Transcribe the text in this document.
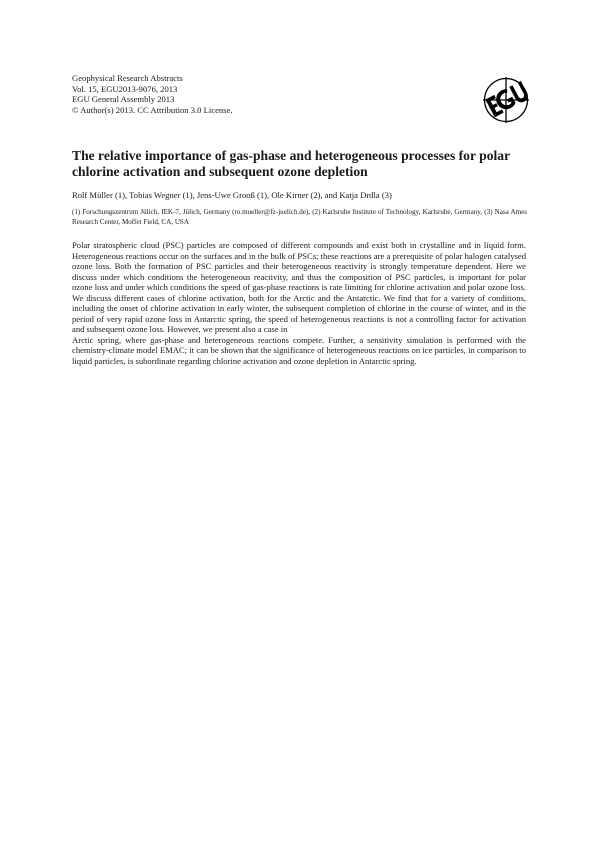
Geophysical Research Abstracts
Vol. 15, EGU2013-9076, 2013
EGU General Assembly 2013
© Author(s) 2013. CC Attribution 3.0 License.
The relative importance of gas-phase and heterogeneous processes for polar chlorine activation and subsequent ozone depletion
Rolf Müller (1), Tobias Wegner (1), Jens-Uwe Grooß (1), Ole Kirner (2), and Katja Drdla (3)
(1) Forschungszentrum Jülich, IEK-7, Jülich, Germany (ro.mueller@fz-juelich.de), (2) Karlsruhe Institute of Technology, Karlsruhe, Germany, (3) Nasa Ames Research Center, Moffet Field, CA, USA

Polar stratospheric cloud (PSC) particles are composed of different compounds and exist both in crystalline and in liquid form. Heterogeneous reactions occur on the surfaces and in the bulk of PSCs; these reactions are a prerequisite of polar halogen catalysed ozone loss. Both the formation of PSC particles and their heterogeneous reactivity is strongly temperature dependent. Here we discuss under which conditions the heterogeneous reactivity, and thus the composition of PSC particles, is important for polar ozone loss and under which conditions the speed of gas-phase reactions is rate limiting for chlorine activation and polar ozone loss. We discuss different cases of chlorine activation, both for the Arctic and the Antarctic. We find that for a variety of conditions, including the onset of chlorine activation in early winter, the subsequent completion of chlorine in the course of winter, and in the period of very rapid ozone loss in Antarctic spring, the speed of heterogeneous reactions is not a controlling factor for activation and subsequent ozone loss. However, we present also a case in

Arctic spring, where gas-phase and heterogeneous reactions compete. Further, a sensitivity simulation is performed with the chemistry-climate model EMAC; it can be shown that the significance of heterogeneous reactions on ice particles, in comparison to liquid particles, is subordinate regarding chlorine activation and ozone depletion in Antarctic spring.
